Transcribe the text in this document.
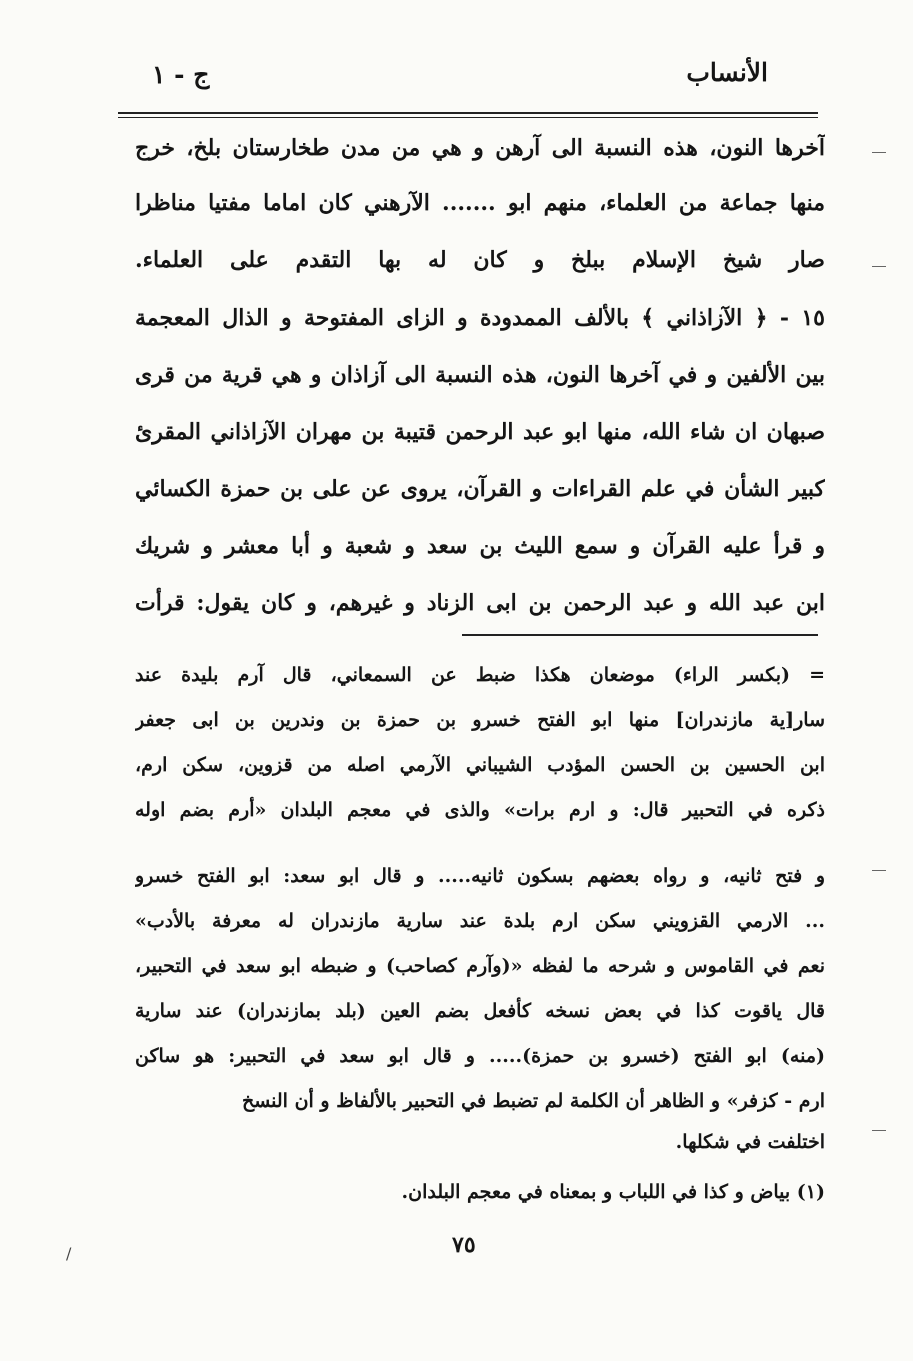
الأنساب
ج - ١
آخرها النون، هذه النسبة الى آرهن و هي من مدن طخارستان بلخ، خرج
منها جماعة من العلماء، منهم ابو ....... الآرهني كان اماما مفتيا مناظرا
صار شيخ الإسلام ببلخ و كان له بها التقدم على العلماء.
١٥ - ﴿ الآزاذاني ﴾ بالألف الممدودة و الزاى المفتوحة و الذال المعجمة
بين الألفين و في آخرها النون، هذه النسبة الى آزاذان و هي قرية من قرى
صبهان ان شاء الله، منها ابو عبد الرحمن قتيبة بن مهران الآزاذاني المقرئ
كبير الشأن في علم القراءات و القرآن، يروى عن على بن حمزة الكسائي
و قرأ عليه القرآن و سمع الليث بن سعد و شعبة و أبا معشر و شريك
ابن عبد الله و عبد الرحمن بن ابى الزناد و غيرهم، و كان يقول: قرأت
= (بكسر الراء) موضعان هكذا ضبط عن السمعاني، قال آرم بليدة عند
سار[ية مازندران] منها ابو الفتح خسرو بن حمزة بن وندرين بن ابى جعفر
ابن الحسين بن الحسن المؤدب الشيباني الآرمي اصله من قزوين، سكن ارم،
ذكره في التحبير قال: و ارم برات» والذى في معجم البلدان «أرم بضم اوله
و فتح ثانيه، و رواه بعضهم بسكون ثانيه..... و قال ابو سعد: ابو الفتح خسرو
... الارمي القزويني سكن ارم بلدة عند سارية مازندران له معرفة بالأدب»
نعم في القاموس و شرحه ما لفظه «(وآرم كصاحب) و ضبطه ابو سعد في التحبير،
قال ياقوت كذا في بعض نسخه كأفعل بضم العين (بلد بمازندران) عند سارية
(منه) ابو الفتح (خسرو بن حمزة)..... و قال ابو سعد في التحبير: هو ساكن
ارم - كزفر» و الظاهر أن الكلمة لم تضبط في التحبير بالألفاظ و أن النسخ
اختلفت في شكلها.
(١) بياض و كذا في اللباب و بمعناه في معجم البلدان.
٧٥
/
